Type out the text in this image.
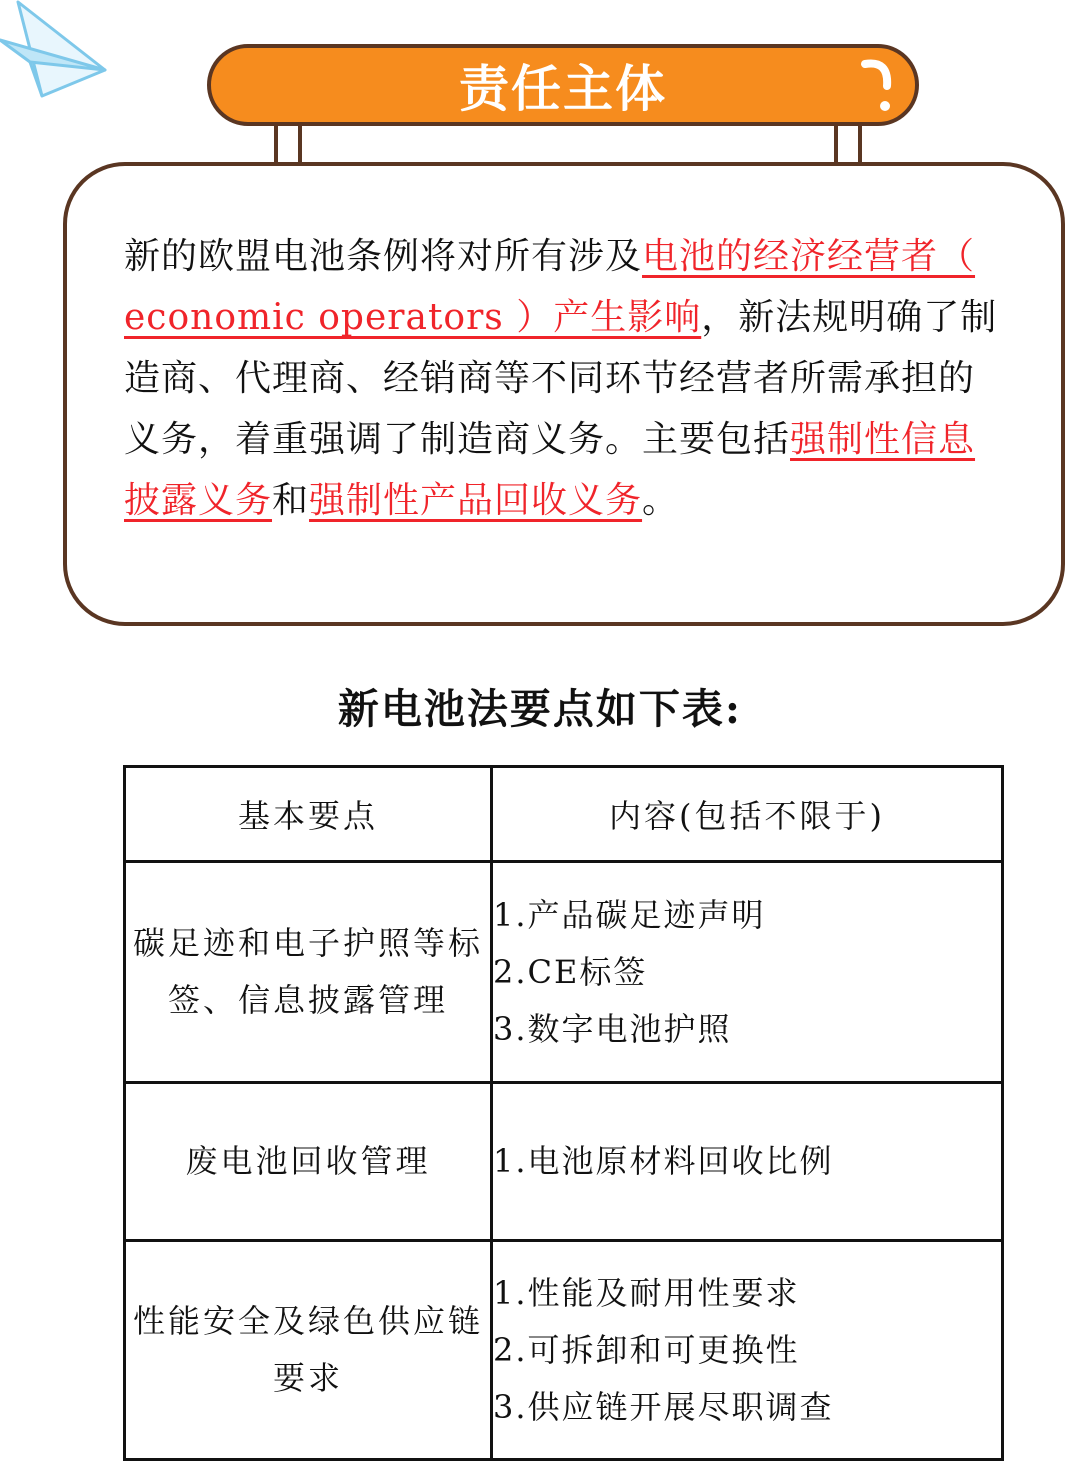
责任主体

新的欧盟电池条例将对所有涉及电池的经济经营者（ economic operators ）产生影响，新法规明确了制造商、代理商、经销商等不同环节经营者所需承担的义务，着重强调了制造商义务。主要包括强制性信息披露义务和强制性产品回收义务。

新电池法要点如下表:
基本要点	内容(包括不限于)
碳足迹和电子护照等标签、信息披露管理	1.产品碳足迹声明
2.CE标签
3.数字电池护照

废电池回收管理	1.电池原材料回收比例

性能安全及绿色供应链要求	1.性能及耐用性要求
2.可拆卸和可更换性
3.供应链开展尽职调查
